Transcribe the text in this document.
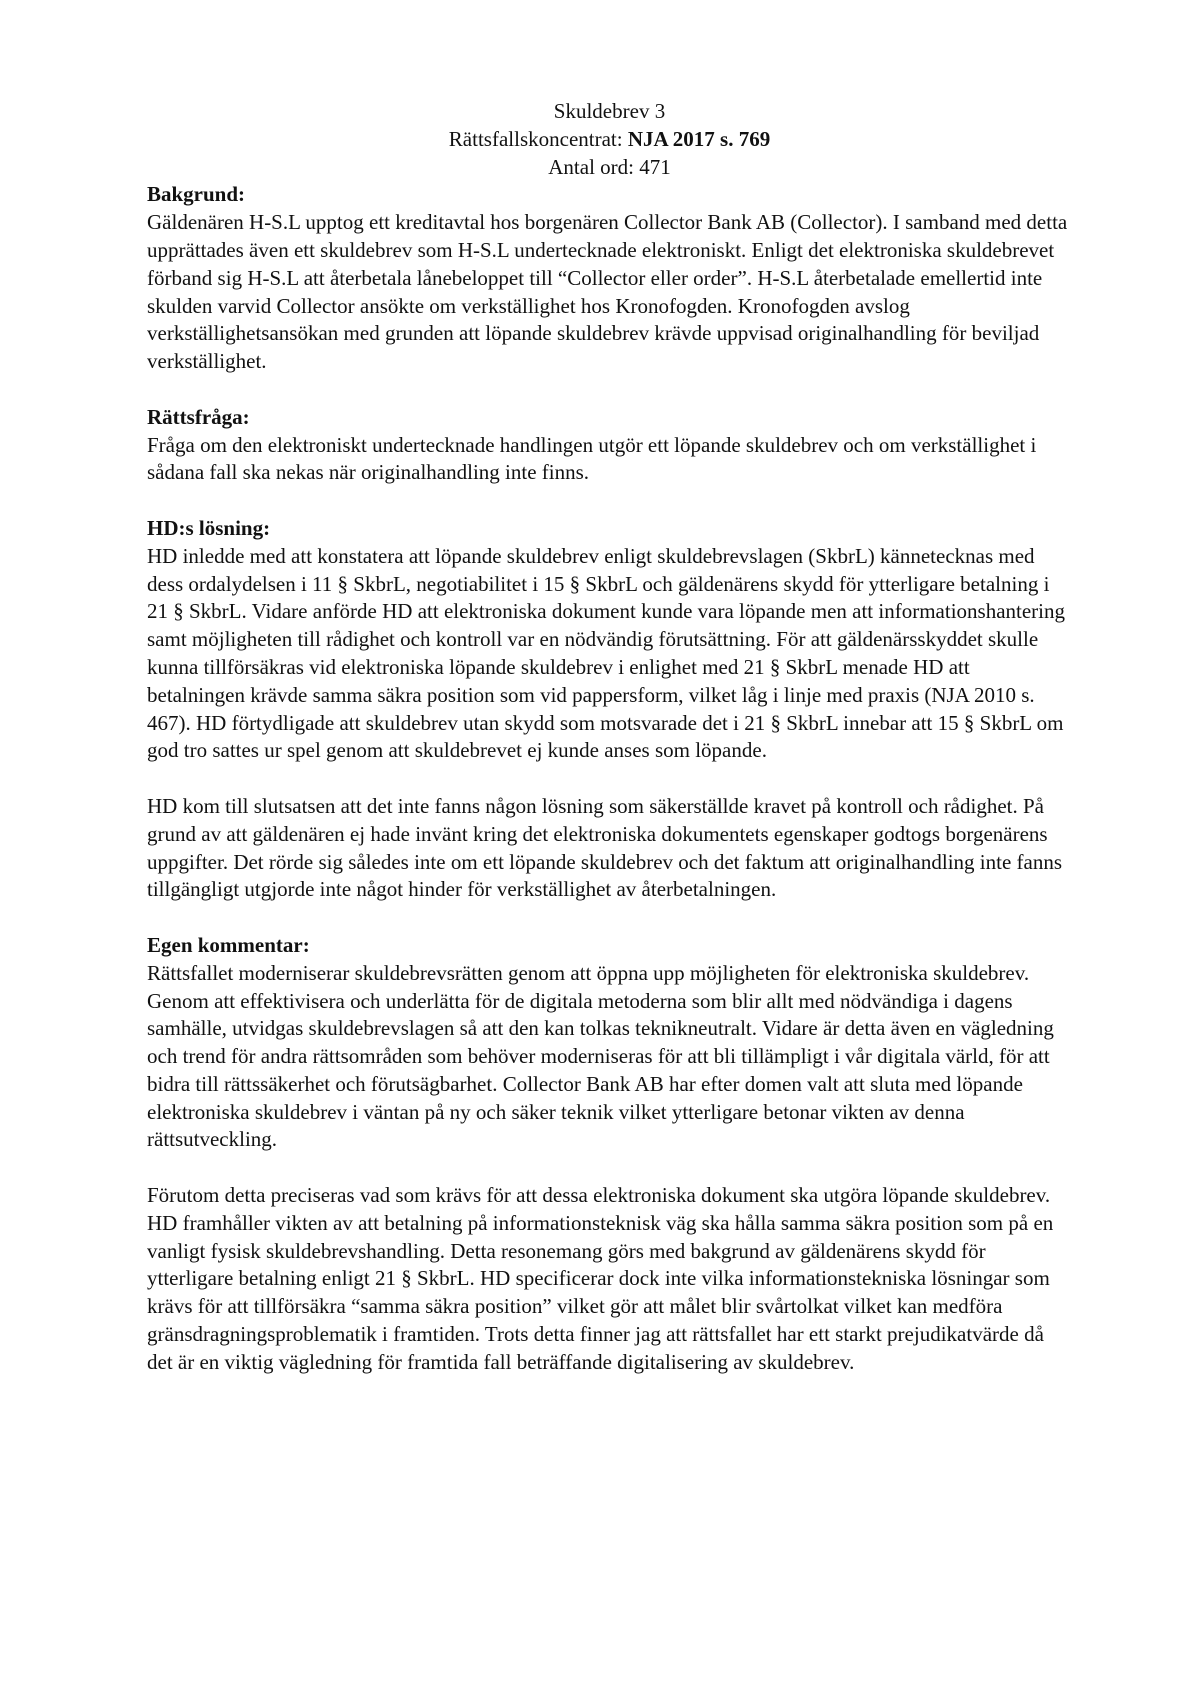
Skuldebrev 3

Rättsfallskoncentrat: NJA 2017 s. 769

Antal ord: 471

Bakgrund:

Gäldenären H-S.L upptog ett kreditavtal hos borgenären Collector Bank AB (Collector). I samband med detta upprättades även ett skuldebrev som H-S.L undertecknade elektroniskt. Enligt det elektroniska skuldebrevet förband sig H-S.L att återbetala lånebeloppet till “Collector eller order”. H-S.L återbetalade emellertid inte skulden varvid Collector ansökte om verkställighet hos Kronofogden. Kronofogden avslog verkställighetsansökan med grunden att löpande skuldebrev krävde uppvisad originalhandling för beviljad verkställighet.

Rättsfråga:

Fråga om den elektroniskt undertecknade handlingen utgör ett löpande skuldebrev och om verkställighet i sådana fall ska nekas när originalhandling inte finns.

HD:s lösning:

HD inledde med att konstatera att löpande skuldebrev enligt skuldebrevslagen (SkbrL) kännetecknas med dess ordalydelsen i 11 § SkbrL, negotiabilitet i 15 § SkbrL och gäldenärens skydd för ytterligare betalning i 21 § SkbrL. Vidare anförde HD att elektroniska dokument kunde vara löpande men att informationshantering samt möjligheten till rådighet och kontroll var en nödvändig förutsättning. För att gäldenärsskyddet skulle kunna tillförsäkras vid elektroniska löpande skuldebrev i enlighet med 21 § SkbrL menade HD att betalningen krävde samma säkra position som vid pappersform, vilket låg i linje med praxis (NJA 2010 s. 467). HD förtydligade att skuldebrev utan skydd som motsvarade det i 21 § SkbrL innebar att 15 § SkbrL om god tro sattes ur spel genom att skuldebrevet ej kunde anses som löpande.

HD kom till slutsatsen att det inte fanns någon lösning som säkerställde kravet på kontroll och rådighet. På grund av att gäldenären ej hade invänt kring det elektroniska dokumentets egenskaper godtogs borgenärens uppgifter. Det rörde sig således inte om ett löpande skuldebrev och det faktum att originalhandling inte fanns tillgängligt utgjorde inte något hinder för verkställighet av återbetalningen.

Egen kommentar:

Rättsfallet moderniserar skuldebrevsrätten genom att öppna upp möjligheten för elektroniska skuldebrev. Genom att effektivisera och underlätta för de digitala metoderna som blir allt med nödvändiga i dagens samhälle, utvidgas skuldebrevslagen så att den kan tolkas teknikneutralt. Vidare är detta även en vägledning och trend för andra rättsområden som behöver moderniseras för att bli tillämpligt i vår digitala värld, för att bidra till rättssäkerhet och förutsägbarhet. Collector Bank AB har efter domen valt att sluta med löpande elektroniska skuldebrev i väntan på ny och säker teknik vilket ytterligare betonar vikten av denna rättsutveckling.

Förutom detta preciseras vad som krävs för att dessa elektroniska dokument ska utgöra löpande skuldebrev. HD framhåller vikten av att betalning på informationsteknisk väg ska hålla samma säkra position som på en vanligt fysisk skuldebrevshandling. Detta resonemang görs med bakgrund av gäldenärens skydd för ytterligare betalning enligt 21 § SkbrL. HD specificerar dock inte vilka informationstekniska lösningar som krävs för att tillförsäkra “samma säkra position” vilket gör att målet blir svårtolkat vilket kan medföra gränsdragningsproblematik i framtiden. Trots detta finner jag att rättsfallet har ett starkt prejudikatvärde då det är en viktig vägledning för framtida fall beträffande digitalisering av skuldebrev.
